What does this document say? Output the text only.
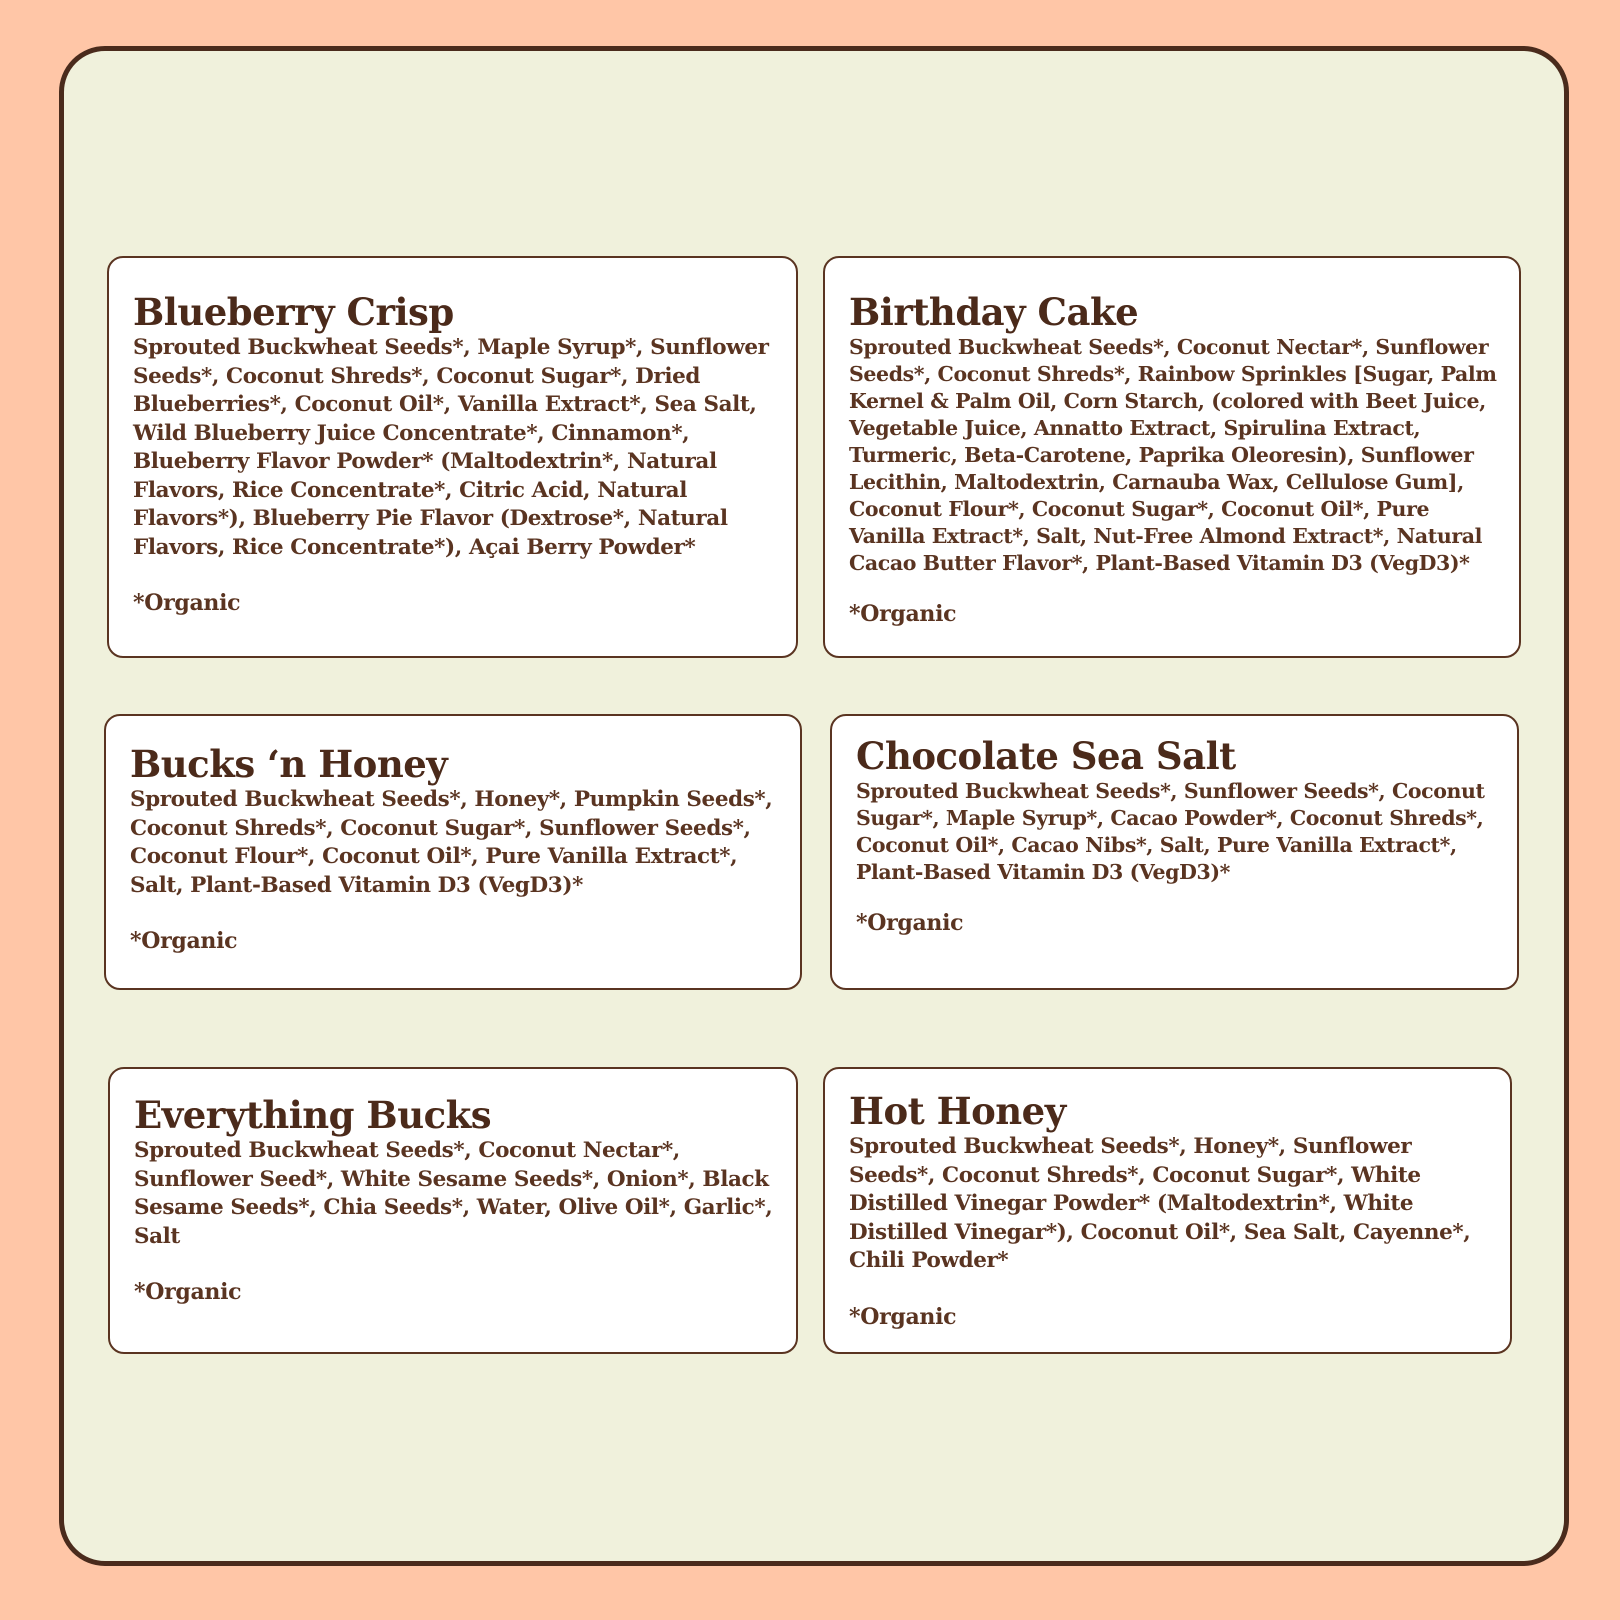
Blueberry Crisp

Sprouted Buckwheat Seeds*, Maple Syrup*, Sunflower Seeds*, Coconut Shreds*, Coconut Sugar*, Dried Blueberries*, Coconut Oil*, Vanilla Extract*, Sea Salt, Wild Blueberry Juice Concentrate*, Cinnamon*, Blueberry Flavor Powder* (Maltodextrin*, Natural Flavors, Rice Concentrate*, Citric Acid, Natural Flavors*), Blueberry Pie Flavor (Dextrose*, Natural Flavors, Rice Concentrate*), Açai Berry Powder*

*Organic
Birthday Cake

Sprouted Buckwheat Seeds*, Coconut Nectar*, Sunflower Seeds*, Coconut Shreds*, Rainbow Sprinkles [Sugar, Palm Kernel & Palm Oil, Corn Starch, (colored with Beet Juice, Vegetable Juice, Annatto Extract, Spirulina Extract, Turmeric, Beta-Carotene, Paprika Oleoresin), Sunflower Lecithin, Maltodextrin, Carnauba Wax, Cellulose Gum], Coconut Flour*, Coconut Sugar*, Coconut Oil*, Pure Vanilla Extract*, Salt, Nut-Free Almond Extract*, Natural Cacao Butter Flavor*, Plant-Based Vitamin D3 (VegD3)*

*Organic
Bucks ‘n Honey

Sprouted Buckwheat Seeds*, Honey*, Pumpkin Seeds*, Coconut Shreds*, Coconut Sugar*, Sunflower Seeds*, Coconut Flour*, Coconut Oil*, Pure Vanilla Extract*, Salt, Plant-Based Vitamin D3 (VegD3)*

*Organic
Chocolate Sea Salt

Sprouted Buckwheat Seeds*, Sunflower Seeds*, Coconut Sugar*, Maple Syrup*, Cacao Powder*, Coconut Shreds*, Coconut Oil*, Cacao Nibs*, Salt, Pure Vanilla Extract*, Plant-Based Vitamin D3 (VegD3)*

*Organic
Everything Bucks

Sprouted Buckwheat Seeds*, Coconut Nectar*, Sunflower Seed*, White Sesame Seeds*, Onion*, Black Sesame Seeds*, Chia Seeds*, Water, Olive Oil*, Garlic*, Salt

*Organic
Hot Honey

Sprouted Buckwheat Seeds*, Honey*, Sunflower Seeds*, Coconut Shreds*, Coconut Sugar*, White Distilled Vinegar Powder* (Maltodextrin*, White Distilled Vinegar*), Coconut Oil*, Sea Salt, Cayenne*, Chili Powder*

*Organic
